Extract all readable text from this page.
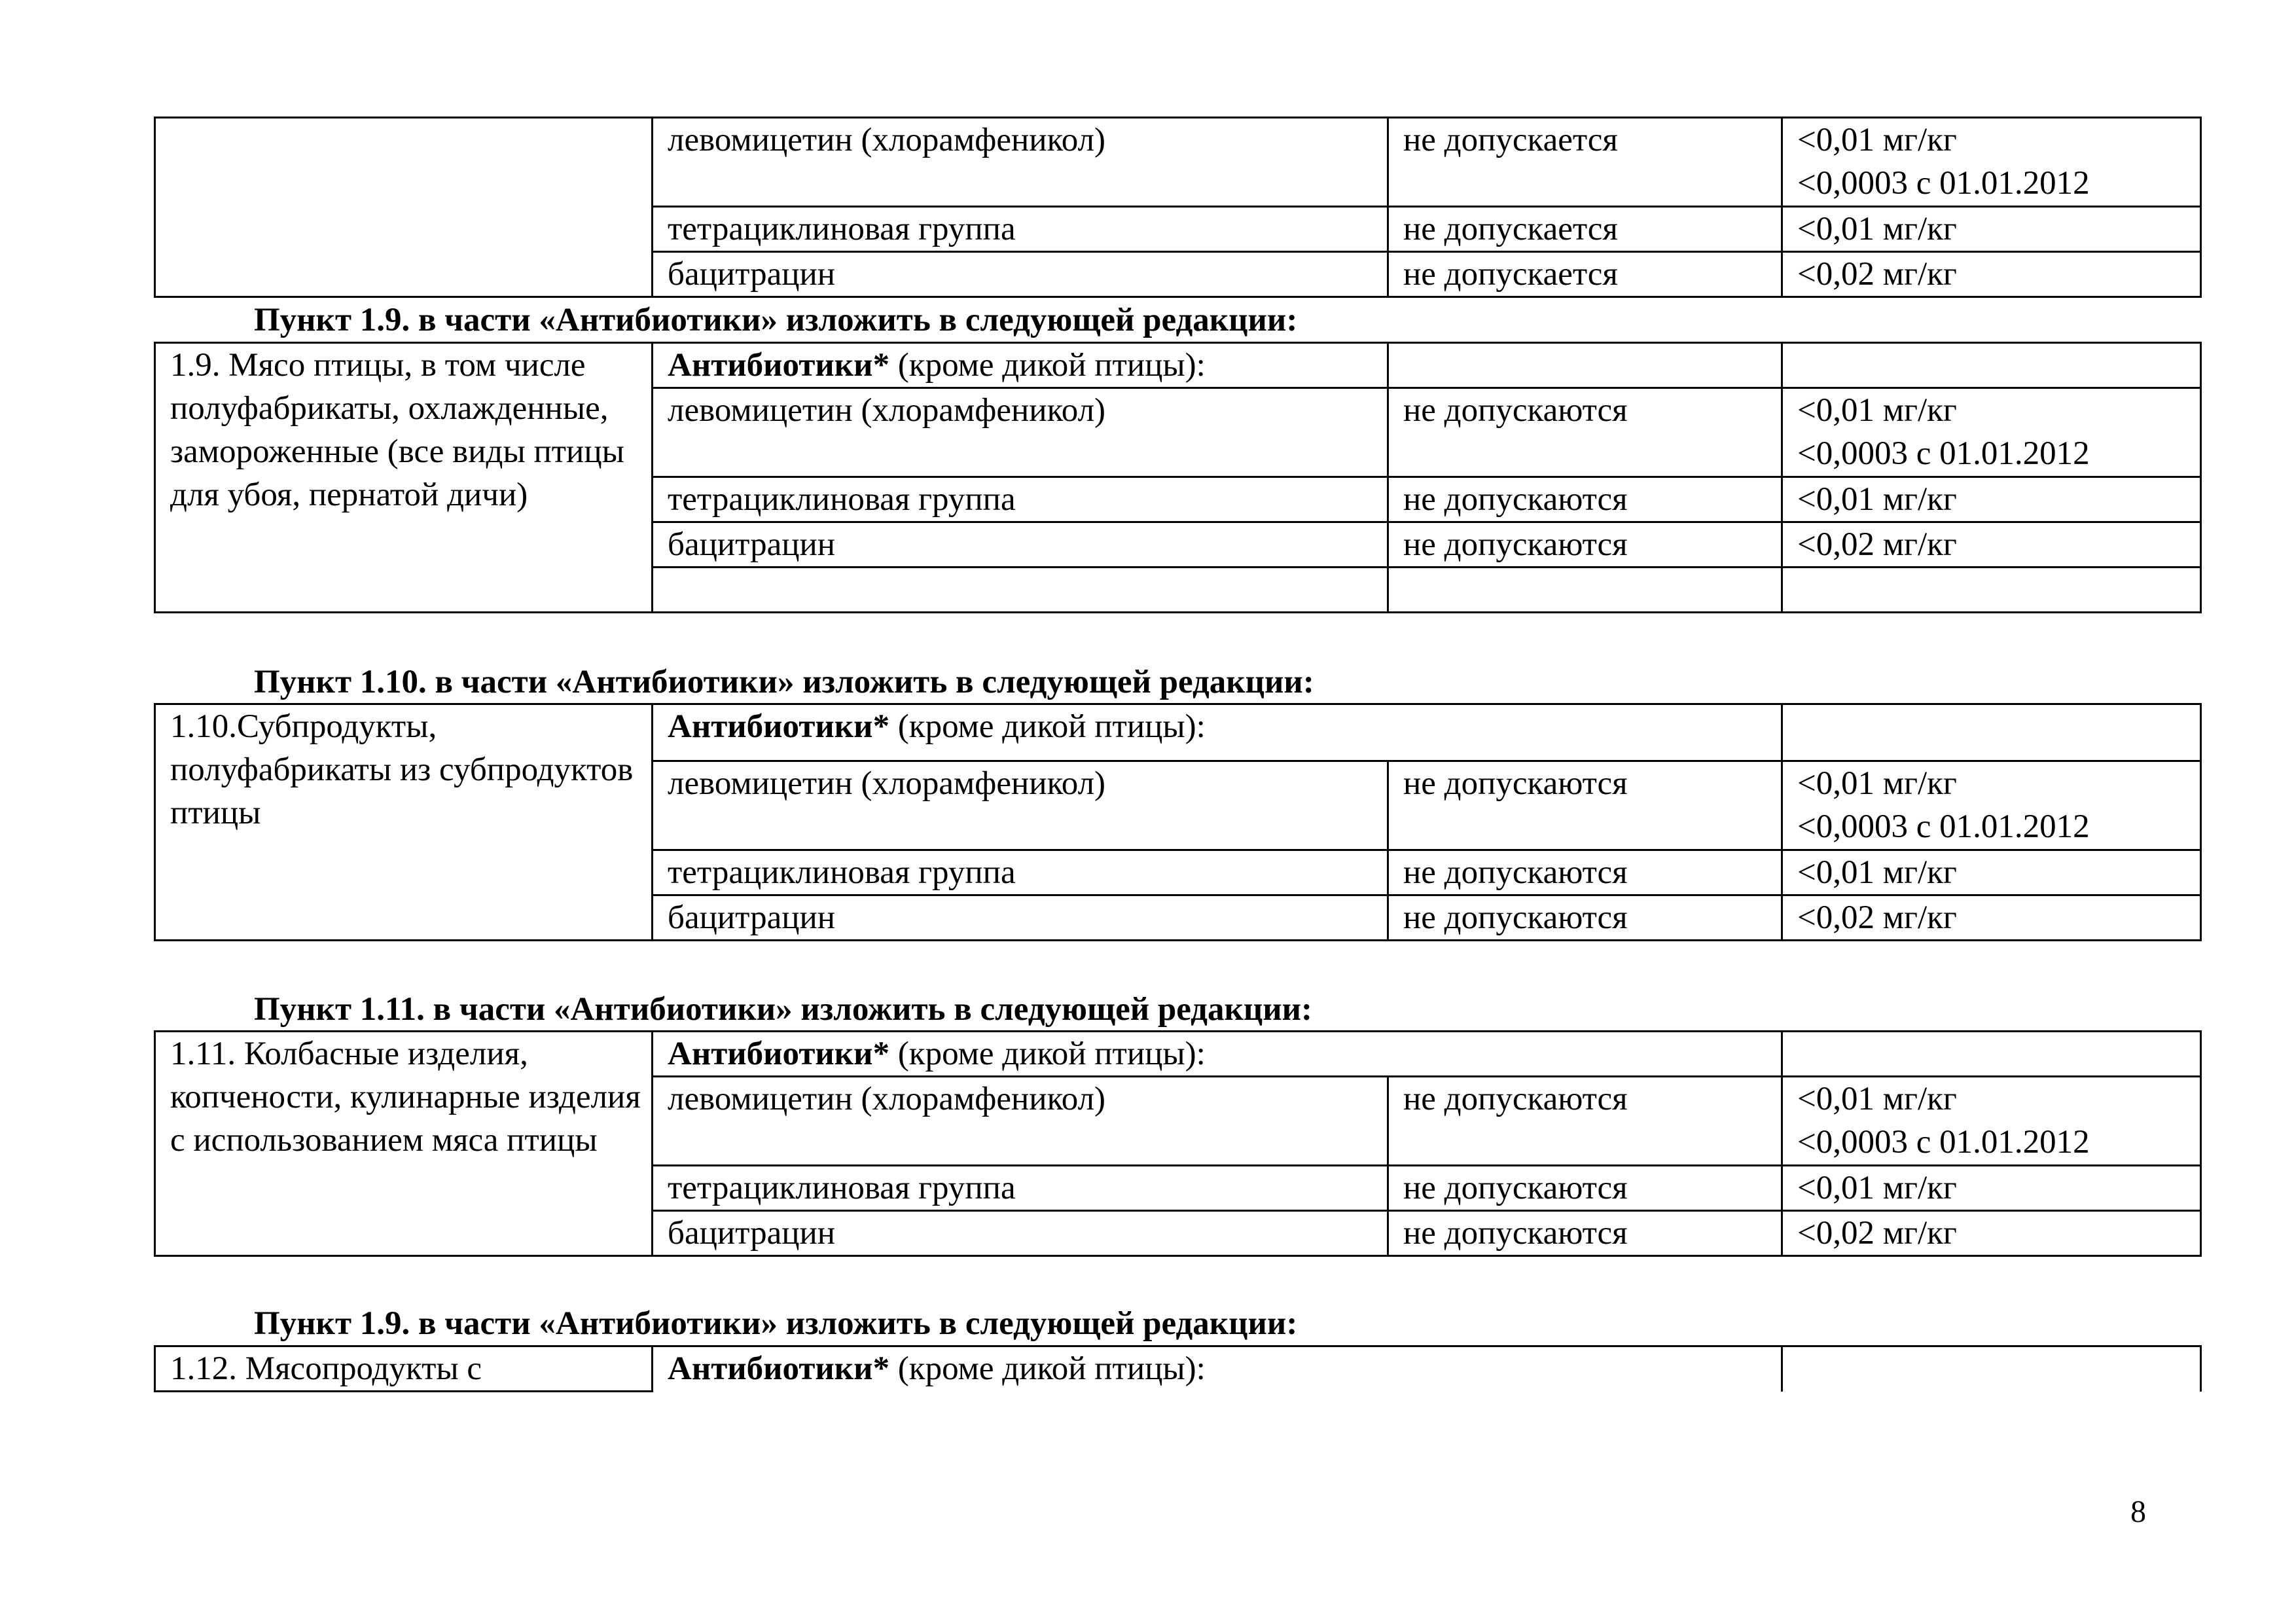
	левомицетин (хлорамфеникол)	не допускается	<0,01 мг/кг
<0,0003 с 01.01.2012

	тетрациклиновая группа	не допускается	<0,01 мг/кг
	бацитрацин	не допускается	<0,02 мг/кг
Пункт 1.9. в части «Антибиотики» изложить в следующей редакции:
1.9. Мясо птицы, в том числе полуфабрикаты, охлажденные, замороженные (все виды птицы для убоя, пернатой дичи)	Антибиотики* (кроме дикой птицы):		
	левомицетин (хлорамфеникол)	не допускаются	<0,01 мг/кг
<0,0003 с 01.01.2012

	тетрациклиновая группа	не допускаются	<0,01 мг/кг
	бацитрацин	не допускаются	<0,02 мг/кг

Пункт 1.10. в части «Антибиотики» изложить в следующей редакции:
1.10.Субпродукты, полуфабрикаты из субпродуктов птицы	Антибиотики* (кроме дикой птицы):		
	левомицетин (хлорамфеникол)	не допускаются	<0,01 мг/кг
<0,0003 с 01.01.2012

	тетрациклиновая группа	не допускаются	<0,01 мг/кг
	бацитрацин	не допускаются	<0,02 мг/кг
Пункт 1.11. в части «Антибиотики» изложить в следующей редакции:
1.11. Колбасные изделия, копчености, кулинарные изделия с использованием мяса птицы	Антибиотики* (кроме дикой птицы):		
	левомицетин (хлорамфеникол)	не допускаются	<0,01 мг/кг
<0,0003 с 01.01.2012

	тетрациклиновая группа	не допускаются	<0,01 мг/кг
	бацитрацин	не допускаются	<0,02 мг/кг
Пункт 1.9. в части «Антибиотики» изложить в следующей редакции:
1.12. Мясопродукты с	Антибиотики* (кроме дикой птицы):	
8
